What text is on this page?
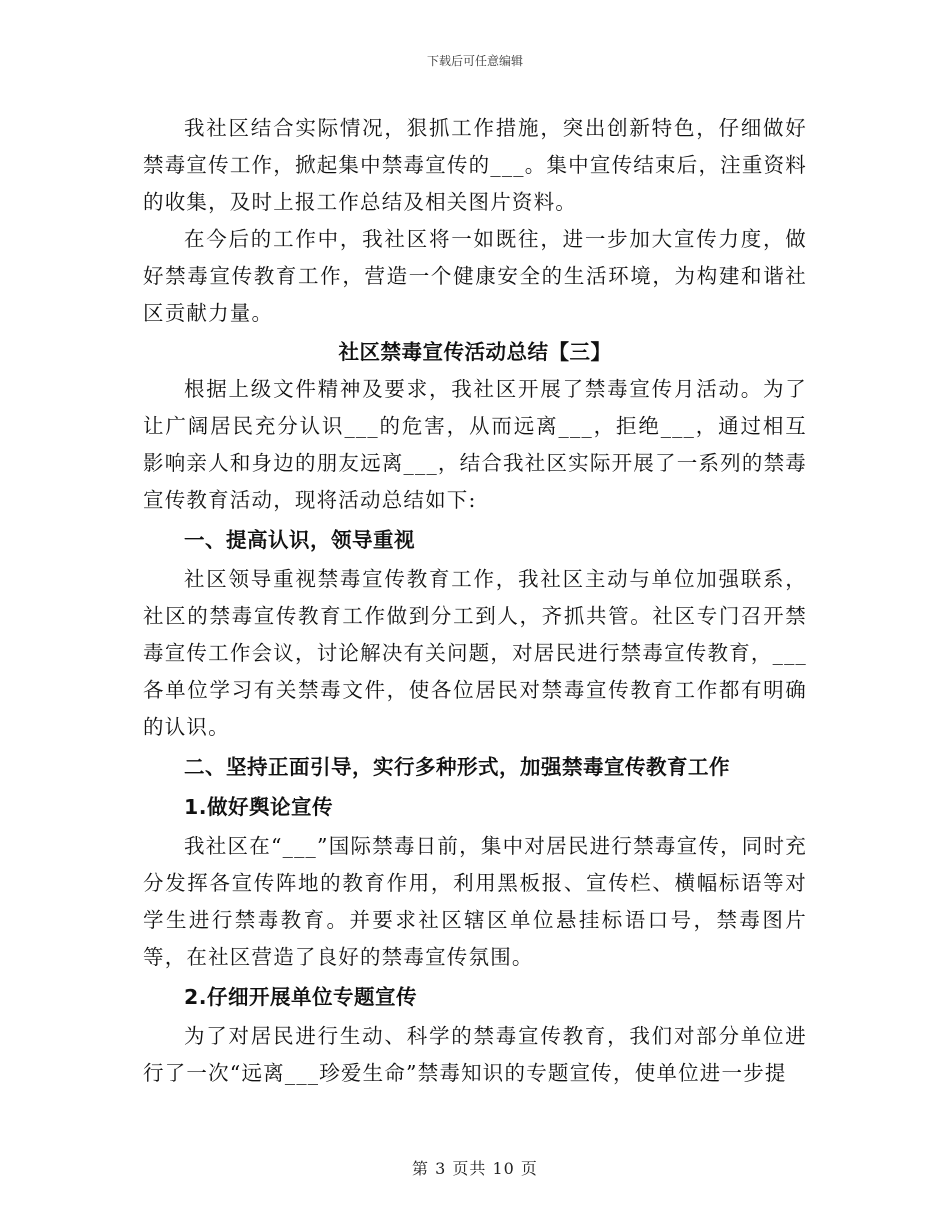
下载后可任意编辑

我社区结合实际情况，狠抓工作措施，突出创新特色，仔细做好禁毒宣传工作，掀起集中禁毒宣传的___。集中宣传结束后，注重资料的收集，及时上报工作总结及相关图片资料。

在今后的工作中，我社区将一如既往，进一步加大宣传力度，做好禁毒宣传教育工作，营造一个健康安全的生活环境，为构建和谐社区贡献力量。

社区禁毒宣传活动总结【三】

根据上级文件精神及要求，我社区开展了禁毒宣传月活动。为了让广阔居民充分认识___的危害，从而远离___，拒绝___，通过相互影响亲人和身边的朋友远离___，结合我社区实际开展了一系列的禁毒宣传教育活动，现将活动总结如下:

一、提高认识，领导重视

社区领导重视禁毒宣传教育工作，我社区主动与单位加强联系，社区的禁毒宣传教育工作做到分工到人，齐抓共管。社区专门召开禁毒宣传工作会议，讨论解决有关问题，对居民进行禁毒宣传教育，___各单位学习有关禁毒文件，使各位居民对禁毒宣传教育工作都有明确的认识。

二、坚持正面引导，实行多种形式，加强禁毒宣传教育工作
1.做好舆论宣传

我社区在“___”国际禁毒日前，集中对居民进行禁毒宣传，同时充分发挥各宣传阵地的教育作用，利用黑板报、宣传栏、横幅标语等对学生进行禁毒教育。并要求社区辖区单位悬挂标语口号，禁毒图片等，在社区营造了良好的禁毒宣传氛围。

2.仔细开展单位专题宣传

为了对居民进行生动、科学的禁毒宣传教育，我们对部分单位进行了一次“远离___珍爱生命”禁毒知识的专题宣传，使单位进一步提

第 3 页共 10 页
